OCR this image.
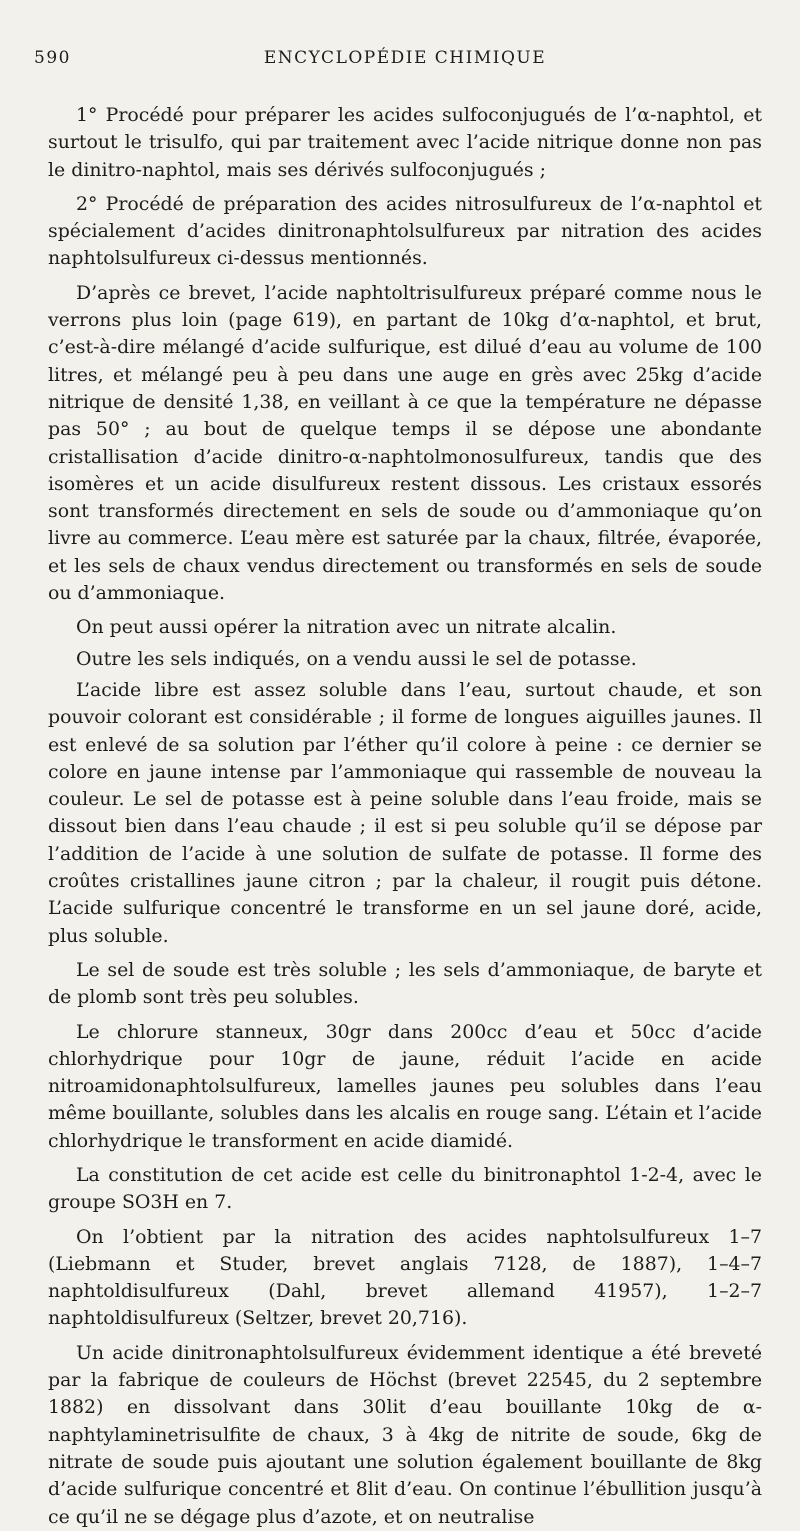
590	ENCYCLOPÉDIE CHIMIQUE

1° Procédé pour préparer les acides sulfoconjugués de l’α-naphtol, et surtout le trisulfo, qui par traitement avec l’acide nitrique donne non pas le dinitro-naphtol, mais ses dérivés sulfoconjugués ;

2° Procédé de préparation des acides nitrosulfureux de l’α-naphtol et spécialement d’acides dinitronaphtolsulfureux par nitration des acides naphtolsulfureux ci-dessus mentionnés.

D’après ce brevet, l’acide naphtoltrisulfureux préparé comme nous le verrons plus loin (page 619), en partant de 10kg d’α-naphtol, et brut, c’est-à-dire mélangé d’acide sulfurique, est dilué d’eau au volume de 100 litres, et mélangé peu à peu dans une auge en grès avec 25kg d’acide nitrique de densité 1,38, en veillant à ce que la température ne dépasse pas 50° ; au bout de quelque temps il se dépose une abondante cristallisation d’acide dinitro-α-naphtolmonosulfureux, tandis que des isomères et un acide disulfureux restent dissous. Les cristaux essorés sont transformés directement en sels de soude ou d’ammoniaque qu’on livre au commerce. L’eau mère est saturée par la chaux, filtrée, évaporée, et les sels de chaux vendus directement ou transformés en sels de soude ou d’ammoniaque.

On peut aussi opérer la nitration avec un nitrate alcalin.

Outre les sels indiqués, on a vendu aussi le sel de potasse.

L’acide libre est assez soluble dans l’eau, surtout chaude, et son pouvoir colorant est considérable ; il forme de longues aiguilles jaunes. Il est enlevé de sa solution par l’éther qu’il colore à peine : ce dernier se colore en jaune intense par l’ammoniaque qui rassemble de nouveau la couleur. Le sel de potasse est à peine soluble dans l’eau froide, mais se dissout bien dans l’eau chaude ; il est si peu soluble qu’il se dépose par l’addition de l’acide à une solution de sulfate de potasse. Il forme des croûtes cristallines jaune citron ; par la chaleur, il rougit puis détone. L’acide sulfurique concentré le transforme en un sel jaune doré, acide, plus soluble.

Le sel de soude est très soluble ; les sels d’ammoniaque, de baryte et de plomb sont très peu solubles.

Le chlorure stanneux, 30gr dans 200cc d’eau et 50cc d’acide chlorhydrique pour 10gr de jaune, réduit l’acide en acide nitroamidonaphtolsulfureux, lamelles jaunes peu solubles dans l’eau même bouillante, solubles dans les alcalis en rouge sang. L’étain et l’acide chlorhydrique le transforment en acide diamidé.

La constitution de cet acide est celle du binitronaphtol 1-2-4, avec le groupe SO3H en 7.

On l’obtient par la nitration des acides naphtolsulfureux 1–7 (Liebmann et Studer, brevet anglais 7128, de 1887), 1–4–7 naphtoldisulfureux (Dahl, brevet allemand 41957), 1–2–7 naphtoldisulfureux (Seltzer, brevet 20,716).

Un acide dinitronaphtolsulfureux évidemment identique a été breveté par la fabrique de couleurs de Höchst (brevet 22545, du 2 septembre 1882) en dissolvant dans 30lit d’eau bouillante 10kg de α-naphtylaminetrisulfite de chaux, 3 à 4kg de nitrite de soude, 6kg de nitrate de soude puis ajoutant une solution également bouillante de 8kg d’acide sulfurique concentré et 8lit d’eau. On continue l’ébullition jusqu’à ce qu’il ne se dégage plus d’azote, et on neutralise
